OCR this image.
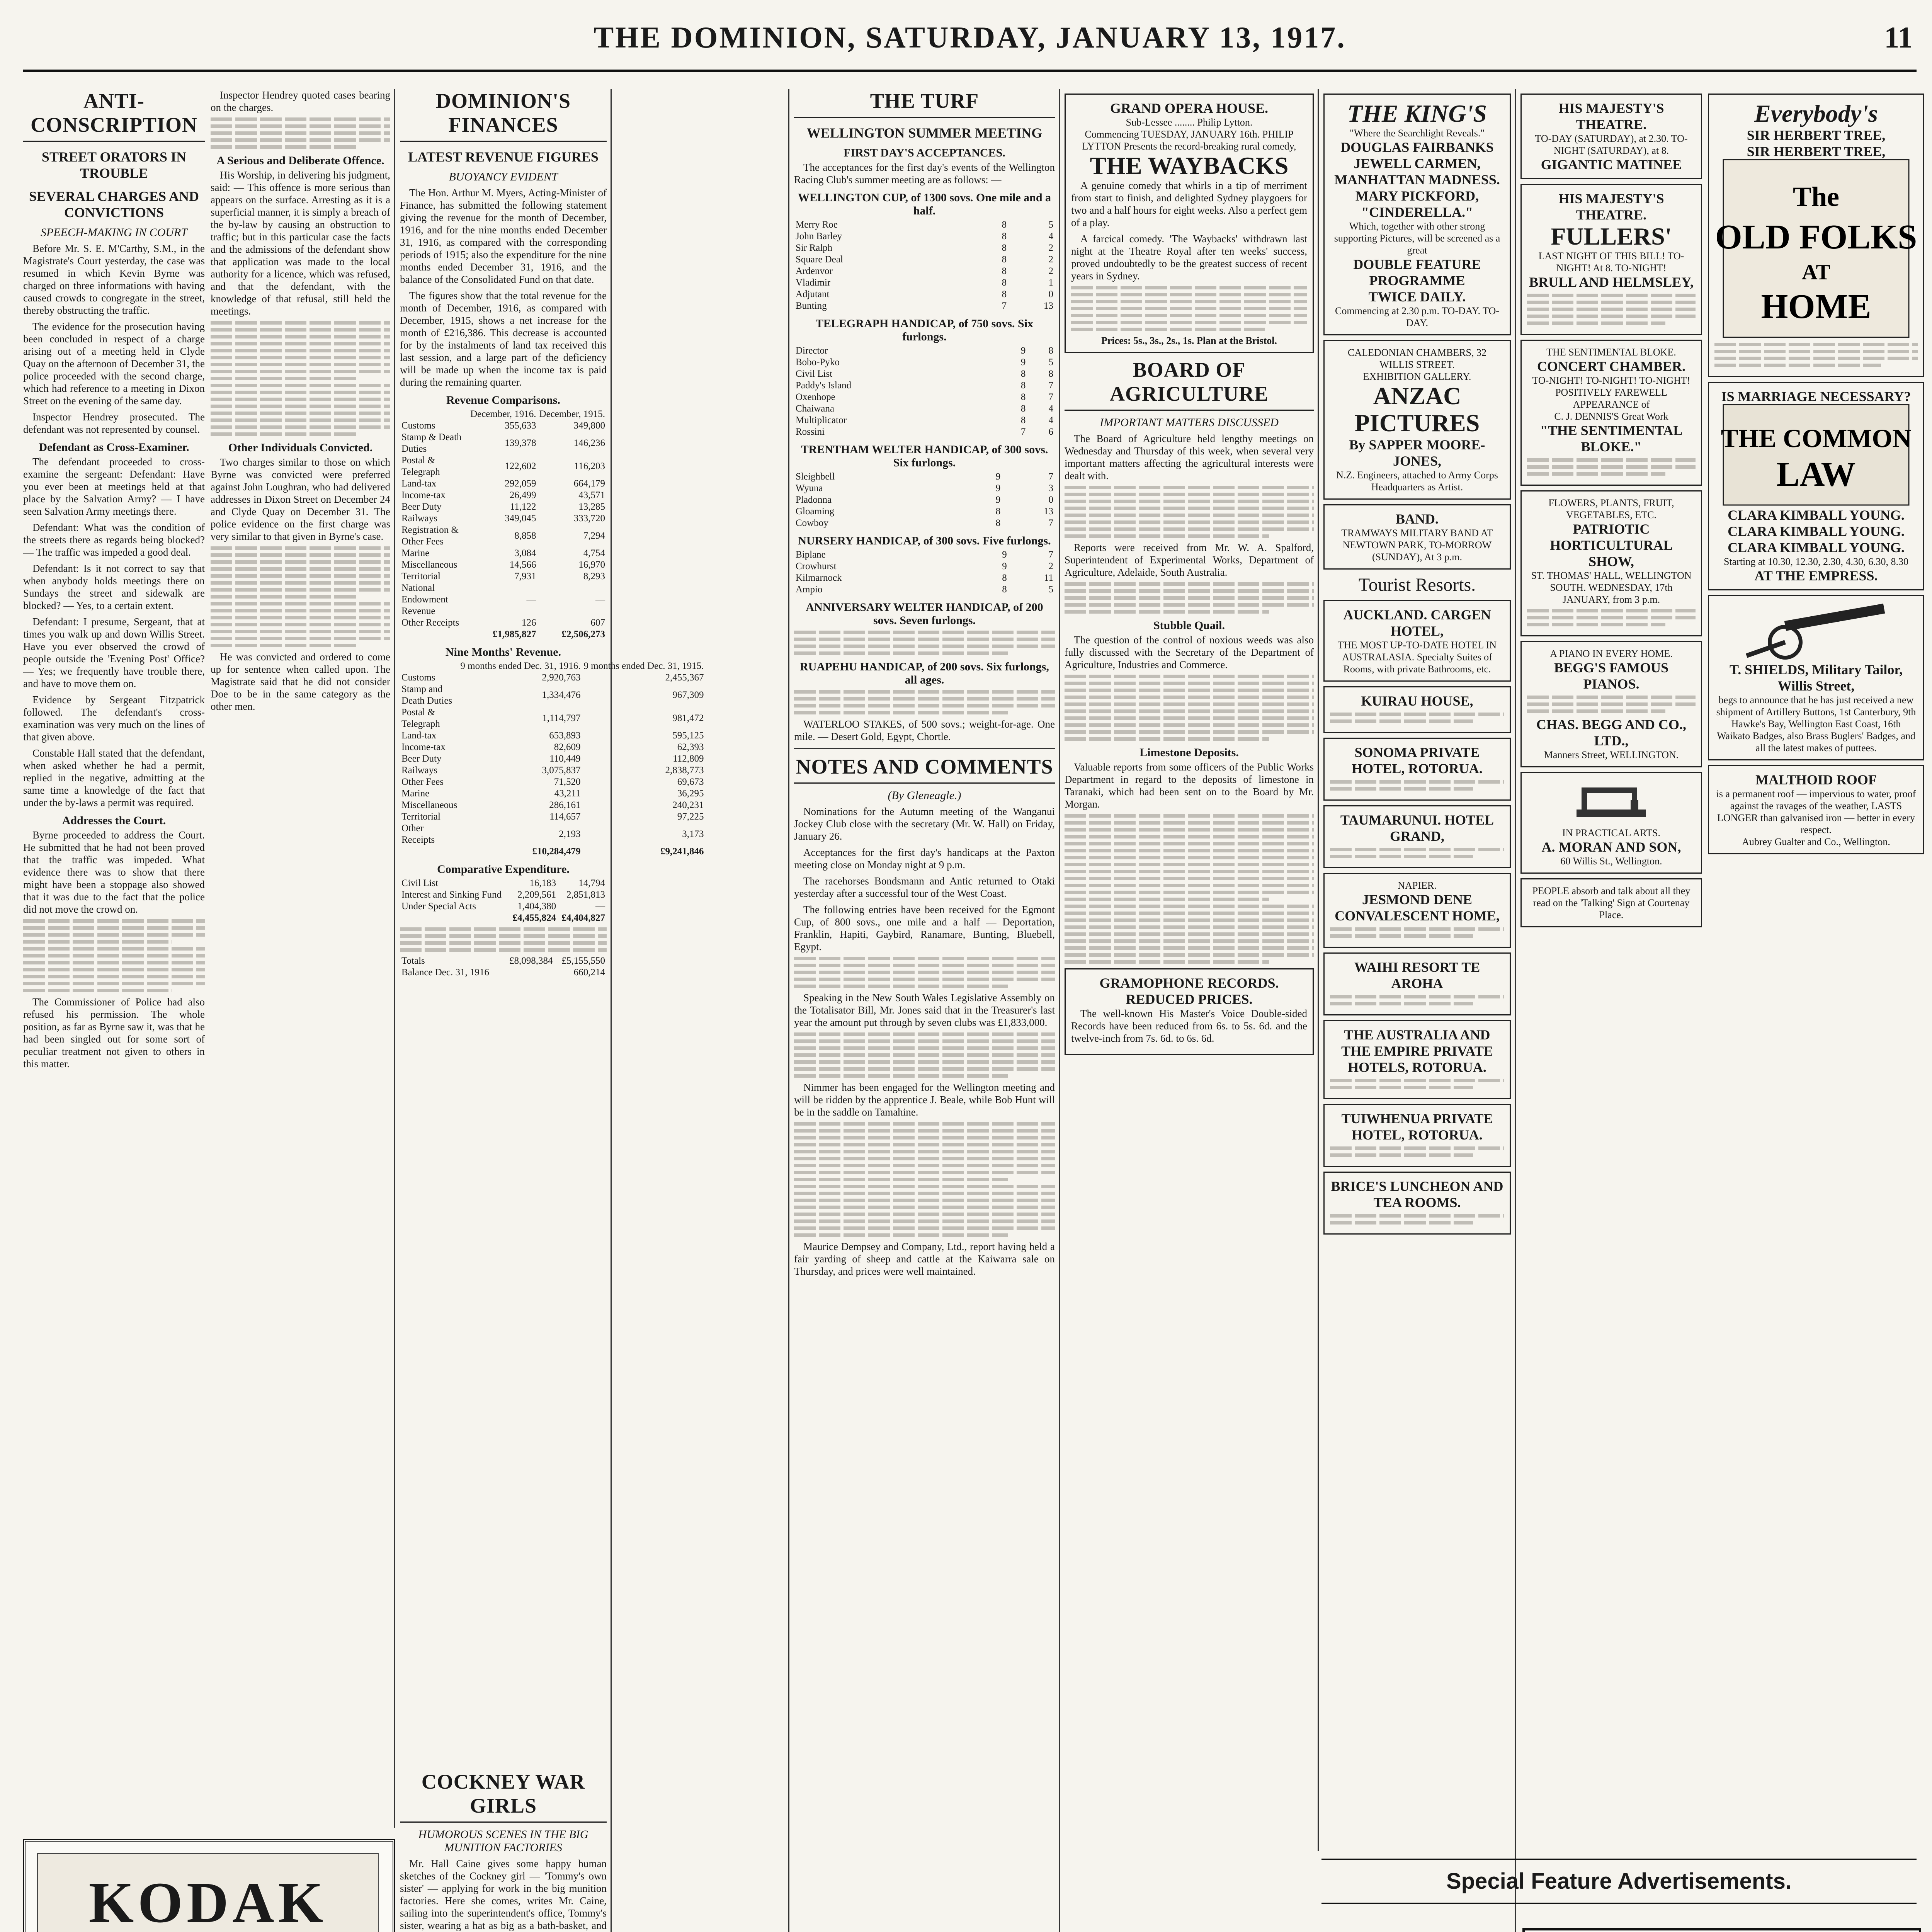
THE DOMINION, SATURDAY, JANUARY 13, 1917.	11
ANTI-CONSCRIPTION
STREET ORATORS IN TROUBLE
SEVERAL CHARGES AND CONVICTIONS
SPEECH-MAKING IN COURT

Before Mr. S. E. M'Carthy, S.M., in the Magistrate's Court yesterday, the case was resumed in which Kevin Byrne was charged on three informations with having caused crowds to congregate in the street, thereby obstructing the traffic.

The evidence for the prosecution having been concluded in respect of a charge arising out of a meeting held in Clyde Quay on the afternoon of December 31, the police proceeded with the second charge, which had reference to a meeting in Dixon Street on the evening of the same day.

Inspector Hendrey prosecuted. The defendant was not represented by counsel.

Defendant as Cross-Examiner.

The defendant proceeded to cross-examine the sergeant: Defendant: Have you ever been at meetings held at that place by the Salvation Army? — I have seen Salvation Army meetings there.

Defendant: What was the condition of the streets there as regards being blocked? — The traffic was impeded a good deal.

Defendant: Is it not correct to say that when anybody holds meetings there on Sundays the street and sidewalk are blocked? — Yes, to a certain extent.

Defendant: I presume, Sergeant, that at times you walk up and down Willis Street. Have you ever observed the crowd of people outside the 'Evening Post' Office? — Yes; we frequently have trouble there, and have to move them on.

Evidence by Sergeant Fitzpatrick followed. The defendant's cross-examination was very much on the lines of that given above.

Constable Hall stated that the defendant, when asked whether he had a permit, replied in the negative, admitting at the same time a knowledge of the fact that under the by-laws a permit was required.

Addresses the Court.

Byrne proceeded to address the Court. He submitted that he had not been proved that the traffic was impeded. What evidence there was to show that there might have been a stoppage also showed that it was due to the fact that the police did not move the crowd on.

The Commissioner of Police had also refused his permission. The whole position, as far as Byrne saw it, was that he had been singled out for some sort of peculiar treatment not given to others in this matter.

Inspector Hendrey quoted cases bearing on the charges.

A Serious and Deliberate Offence.

His Worship, in delivering his judgment, said: — This offence is more serious than appears on the surface. Arresting as it is a superficial manner, it is simply a breach of the by-law by causing an obstruction to traffic; but in this particular case the facts and the admissions of the defendant show that application was made to the local authority for a licence, which was refused, and that the defendant, with the knowledge of that refusal, still held the meetings.

Other Individuals Convicted.

Two charges similar to those on which Byrne was convicted were preferred against John Loughran, who had delivered addresses in Dixon Street on December 24 and Clyde Quay on December 31. The police evidence on the first charge was very similar to that given in Byrne's case.

He was convicted and ordered to come up for sentence when called upon. The Magistrate said that he did not consider Doe to be in the same category as the other men.

DOMINION'S FINANCES
LATEST REVENUE FIGURES
BUOYANCY EVIDENT

The Hon. Arthur M. Myers, Acting-Minister of Finance, has submitted the following statement giving the revenue for the month of December, 1916, and for the nine months ended December 31, 1916, as compared with the corresponding periods of 1915; also the expenditure for the nine months ended December 31, 1916, and the balance of the Consolidated Fund on that date.

The figures show that the total revenue for the month of December, 1916, as compared with December, 1915, shows a net increase for the month of £216,386. This decrease is accounted for by the instalments of land tax received this last session, and a large part of the deficiency will be made up when the income tax is paid during the remaining quarter.

Revenue Comparisons.

	December, 1916.	December, 1915.
Customs	355,633	349,800
Stamp & Death Duties	139,378	146,236
Postal & Telegraph	122,602	116,203
Land-tax	292,059	664,179
Income-tax	26,499	43,571
Beer Duty	11,122	13,285
Railways	349,045	333,720
Registration & Other Fees	8,858	7,294
Marine	3,084	4,754
Miscellaneous	14,566	16,970
Territorial	7,931	8,293
National Endowment Revenue	—	—
Other Receipts	126	607
	£1,985,827	£2,506,273

Nine Months' Revenue.

	9 months ended Dec. 31, 1916.	9 months ended Dec. 31, 1915.
Customs	2,920,763	2,455,367
Stamp and Death Duties	1,334,476	967,309
Postal & Telegraph	1,114,797	981,472
Land-tax	653,893	595,125
Income-tax	82,609	62,393
Beer Duty	110,449	112,809
Railways	3,075,837	2,838,773
Other Fees	71,520	69,673
Marine	43,211	36,295
Miscellaneous	286,161	240,231
Territorial	114,657	97,225
Other Receipts	2,193	3,173
	£10,284,479	£9,241,846

Comparative Expenditure.

Civil List	16,183	14,794
Interest and Sinking Fund	2,209,561	2,851,813
Under Special Acts	1,404,380	—
	£4,455,824	£4,404,827
Totals	£8,098,384	£5,155,550
Balance Dec. 31, 1916		660,214
COCKNEY WAR GIRLS
HUMOROUS SCENES IN THE BIG MUNITION FACTORIES

Mr. Hall Caine gives some happy human sketches of the Cockney girl — 'Tommy's own sister' — applying for work in the big munition factories. Here she comes, writes Mr. Caine, sailing into the superintendent's office, Tommy's sister, wearing a hat as big as a bath-basket, and

THE TURF
WELLINGTON SUMMER MEETING

FIRST DAY'S ACCEPTANCES.

The acceptances for the first day's events of the Wellington Racing Club's summer meeting are as follows: —

WELLINGTON CUP, of 1300 sovs. One mile and a half.

Merry Roe	8	5
John Barley	8	4
Sir Ralph	8	2
Square Deal	8	2
Ardenvor	8	2
Vladimir	8	1
Adjutant	8	0
Bunting	7	13

TELEGRAPH HANDICAP, of 750 sovs. Six furlongs.

Director	9	8
Bobo-Pyko	9	5
Civil List	8	8
Paddy's Island	8	7
Oxenhope	8	7
Chaiwana	8	4
Multiplicator	8	4
Rossini	7	6

TRENTHAM WELTER HANDICAP, of 300 sovs. Six furlongs.

Sleighbell	9	7
Wyuna	9	3
Pladonna	9	0
Gloaming	8	13
Cowboy	8	7

NURSERY HANDICAP, of 300 sovs. Five furlongs.

Biplane	9	7
Crowhurst	9	2
Kilmarnock	8	11
Ampio	8	5

ANNIVERSARY WELTER HANDICAP, of 200 sovs. Seven furlongs.

RUAPEHU HANDICAP, of 200 sovs. Six furlongs, all ages.

WATERLOO STAKES, of 500 sovs.; weight-for-age. One mile. — Desert Gold, Egypt, Chortle.

NOTES AND COMMENTS
(By Gleneagle.)

Nominations for the Autumn meeting of the Wanganui Jockey Club close with the secretary (Mr. W. Hall) on Friday, January 26.

Acceptances for the first day's handicaps at the Paxton meeting close on Monday night at 9 p.m.

The racehorses Bondsmann and Antic returned to Otaki yesterday after a successful tour of the West Coast.

The following entries have been received for the Egmont Cup, of 800 sovs., one mile and a half — Deportation, Franklin, Hapiti, Gaybird, Ranamare, Bunting, Bluebell, Egypt.

Speaking in the New South Wales Legislative Assembly on the Totalisator Bill, Mr. Jones said that in the Treasurer's last year the amount put through by seven clubs was £1,833,000.

Nimmer has been engaged for the Wellington meeting and will be ridden by the apprentice J. Beale, while Bob Hunt will be in the saddle on Tamahine.

Maurice Dempsey and Company, Ltd., report having held a fair yarding of sheep and cattle at the Kaiwarra sale on Thursday, and prices were well maintained.

GRAND OPERA HOUSE.
Sub-Lessee ........ Philip Lytton.
Commencing TUESDAY, JANUARY 16th. PHILIP LYTTON Presents the record-breaking rural comedy,
THE WAYBACKS

A genuine comedy that whirls in a tip of merriment from start to finish, and delighted Sydney playgoers for two and a half hours for eight weeks. Also a perfect gem of a play.

A farcical comedy. 'The Waybacks' withdrawn last night at the Theatre Royal after ten weeks' success, proved undoubtedly to be the greatest success of recent years in Sydney.

Prices: 5s., 3s., 2s., 1s. Plan at the Bristol.
BOARD OF AGRICULTURE
IMPORTANT MATTERS DISCUSSED

The Board of Agriculture held lengthy meetings on Wednesday and Thursday of this week, when several very important matters affecting the agricultural interests were dealt with.

Reports were received from Mr. W. A. Spalford, Superintendent of Experimental Works, Department of Agriculture, Adelaide, South Australia.

Stubble Quail.

The question of the control of noxious weeds was also fully discussed with the Secretary of the Department of Agriculture, Industries and Commerce.

Limestone Deposits.

Valuable reports from some officers of the Public Works Department in regard to the deposits of limestone in Taranaki, which had been sent on to the Board by Mr. Morgan.

GRAMOPHONE RECORDS. REDUCED PRICES.

The well-known His Master's Voice Double-sided Records have been reduced from 6s. to 5s. 6d. and the twelve-inch from 7s. 6d. to 6s. 6d.

THE KING'S
"Where the Searchlight Reveals."
DOUGLAS FAIRBANKS
JEWELL CARMEN,
MANHATTAN MADNESS.
MARY PICKFORD,
"CINDERELLA."
Which, together with other strong supporting Pictures, will be screened as a great
DOUBLE FEATURE PROGRAMME
TWICE DAILY.
Commencing at 2.30 p.m. TO-DAY. TO-DAY.
CALEDONIAN CHAMBERS, 32 WILLIS STREET.
EXHIBITION GALLERY.
ANZAC PICTURES
By SAPPER MOORE-JONES,
N.Z. Engineers, attached to Army Corps Headquarters as Artist.
BAND.
TRAMWAYS MILITARY BAND AT NEWTOWN PARK, TO-MORROW (SUNDAY), At 3 p.m.
Tourist Resorts.
AUCKLAND. CARGEN HOTEL,
THE MOST UP-TO-DATE HOTEL IN AUSTRALASIA. Specialty Suites of Rooms, with private Bathrooms, etc.
KUIRAU HOUSE,
SONOMA PRIVATE HOTEL, ROTORUA.
TAUMARUNUI. HOTEL GRAND,
NAPIER.
JESMOND DENE CONVALESCENT HOME,
WAIHI RESORT TE AROHA
THE AUSTRALIA AND THE EMPIRE PRIVATE HOTELS, ROTORUA.
TUIWHENUA PRIVATE HOTEL, ROTORUA.
BRICE'S LUNCHEON AND TEA ROOMS.
HIS MAJESTY'S THEATRE.
TO-DAY (SATURDAY), at 2.30. TO-NIGHT (SATURDAY), at 8.
GIGANTIC MATINEE
HIS MAJESTY'S THEATRE.
FULLERS'
LAST NIGHT OF THIS BILL! TO-NIGHT! At 8. TO-NIGHT!
BRULL AND HELMSLEY,
THE SENTIMENTAL BLOKE.
CONCERT CHAMBER.
TO-NIGHT! TO-NIGHT! TO-NIGHT!
POSITIVELY FAREWELL APPEARANCE of
C. J. DENNIS'S Great Work
"THE SENTIMENTAL BLOKE."
FLOWERS, PLANTS, FRUIT, VEGETABLES, ETC.
PATRIOTIC HORTICULTURAL SHOW,
ST. THOMAS' HALL, WELLINGTON SOUTH. WEDNESDAY, 17th JANUARY, from 3 p.m.
A PIANO IN EVERY HOME.
BEGG'S FAMOUS PIANOS.
CHAS. BEGG AND CO., LTD.,
Manners Street, WELLINGTON.
IN PRACTICAL ARTS.
A. MORAN AND SON,
60 Willis St., Wellington.
PEOPLE absorb and talk about all they read on the 'Talking' Sign at Courtenay Place.
Everybody's
SIR HERBERT TREE,
SIR HERBERT TREE,
The
OLD FOLKS
AT
HOME
IS MARRIAGE NECESSARY?
THE COMMON
LAW
CLARA KIMBALL YOUNG.
CLARA KIMBALL YOUNG.
CLARA KIMBALL YOUNG.
Starting at 10.30, 12.30, 2.30, 4.30, 6.30, 8.30
AT THE EMPRESS.
T. SHIELDS, Military Tailor, Willis Street,
begs to announce that he has just received a new shipment of Artillery Buttons, 1st Canterbury, 9th Hawke's Bay, Wellington East Coast, 16th Waikato Badges, also Brass Buglers' Badges, and all the latest makes of puttees.
MALTHOID ROOF
is a permanent roof — impervious to water, proof against the ravages of the weather, LASTS LONGER than galvanised iron — better in every respect.
Aubrey Gualter and Co., Wellington.
KODAK	Special Feature Advertisements.
